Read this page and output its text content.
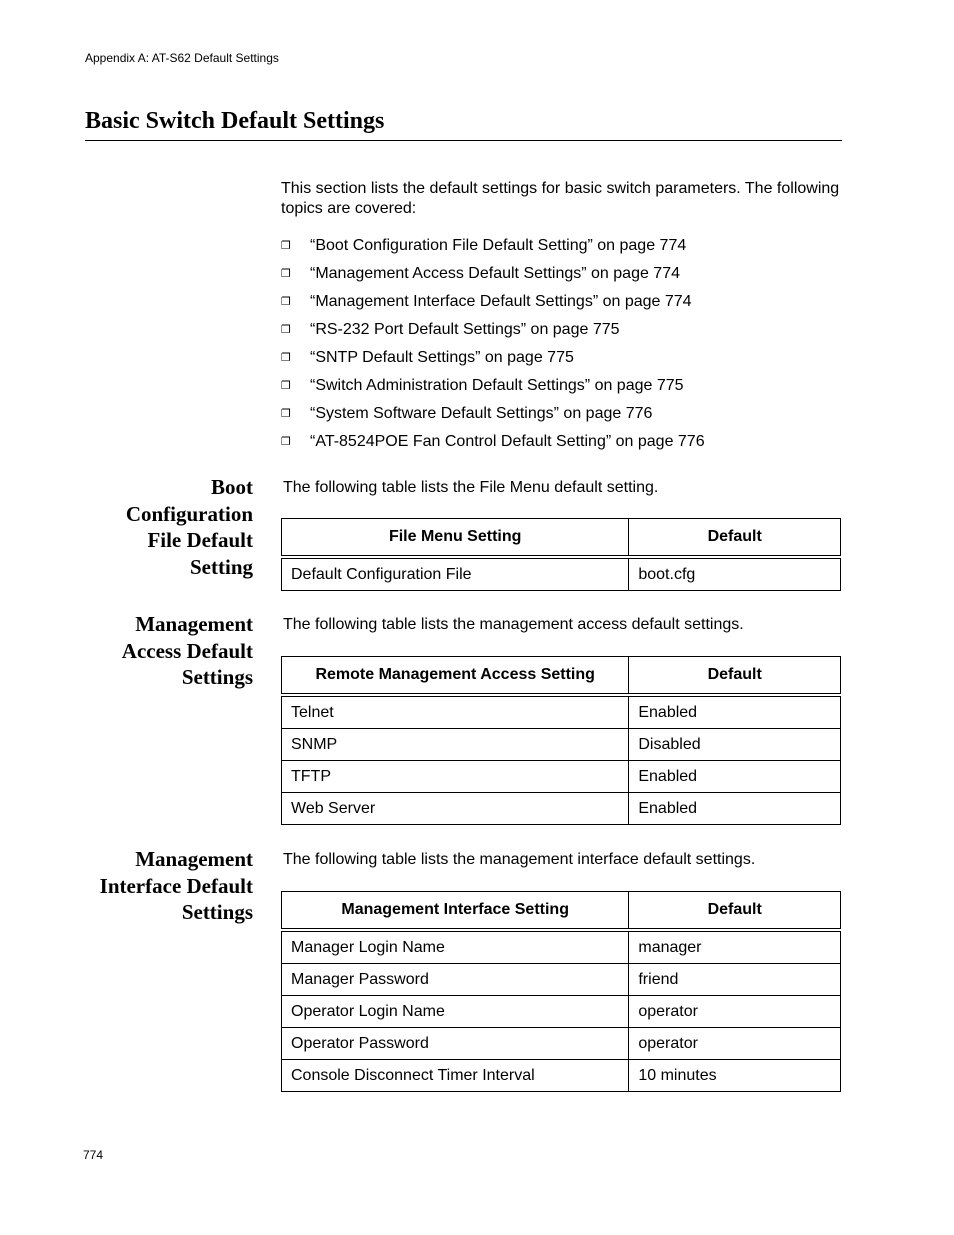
Appendix A: AT-S62 Default Settings
Basic Switch Default Settings

This section lists the default settings for basic switch parameters. The following topics are covered:

❐ “Boot Configuration File Default Setting” on page 774
❐ “Management Access Default Settings” on page 774
❐ “Management Interface Default Settings” on page 774
❐ “RS-232 Port Default Settings” on page 775
❐ “SNTP Default Settings” on page 775
❐ “Switch Administration Default Settings” on page 775
❐ “System Software Default Settings” on page 776
❐ “AT-8524POE Fan Control Default Setting” on page 776
Boot
Configuration
File Default
Setting

The following table lists the File Menu default setting.

File Menu Setting	Default
Default Configuration File	boot.cfg
Management
Access Default
Settings

The following table lists the management access default settings.

Remote Management Access Setting	Default
Telnet	Enabled
SNMP	Disabled
TFTP	Enabled
Web Server	Enabled
Management
Interface Default
Settings

The following table lists the management interface default settings.

Management Interface Setting	Default
Manager Login Name	manager
Manager Password	friend
Operator Login Name	operator
Operator Password	operator
Console Disconnect Timer Interval	10 minutes
774
